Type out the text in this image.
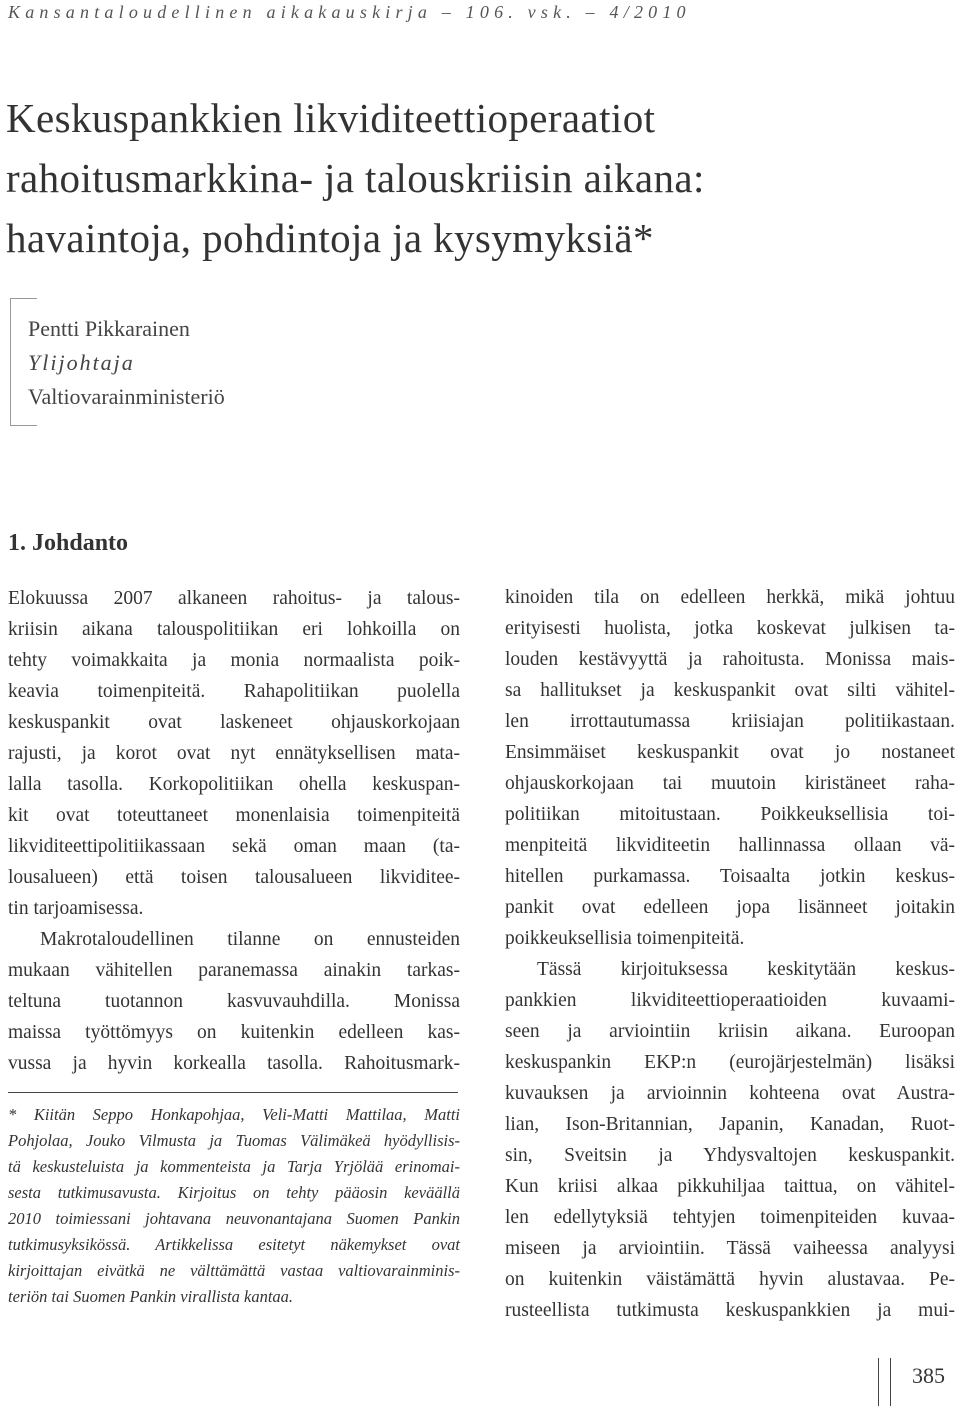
Kansantaloudellinen aikakauskirja – 106. vsk. – 4/2010
Keskuspankkien likviditeettioperaatiot
rahoitusmarkkina- ja talouskriisin aikana:
havaintoja, pohdintoja ja kysymyksiä*
Pentti Pikkarainen
Ylijohtaja
Valtiovarainministeriö
1. Johdanto
Elokuussa 2007 alkaneen rahoitus- ja talous-
kriisin aikana talouspolitiikan eri lohkoilla on
tehty voimakkaita ja monia normaalista poik-
keavia toimenpiteitä. Rahapolitiikan puolella
keskuspankit ovat laskeneet ohjauskorkojaan
rajusti, ja korot ovat nyt ennätyksellisen mata-
lalla tasolla. Korkopolitiikan ohella keskuspan-
kit ovat toteuttaneet monenlaisia toimenpiteitä
likviditeettipolitiikassaan sekä oman maan (ta-
lousalueen) että toisen talousalueen likviditee-
tin tarjoamisessa.
Makrotaloudellinen tilanne on ennusteiden
mukaan vähitellen paranemassa ainakin tarkas-
teltuna tuotannon kasvuvauhdilla. Monissa
maissa työttömyys on kuitenkin edelleen kas-
vussa ja hyvin korkealla tasolla. Rahoitusmark-
* Kiitän Seppo Honkapohjaa, Veli-Matti Mattilaa, Matti
Pohjolaa, Jouko Vilmusta ja Tuomas Välimäkeä hyödyllisis-
tä keskusteluista ja kommenteista ja Tarja Yrjölää erinomai-
sesta tutkimusavusta. Kirjoitus on tehty pääosin keväällä
2010 toimiessani johtavana neuvonantajana Suomen Pankin
tutkimusyksikössä. Artikkelissa esitetyt näkemykset ovat
kirjoittajan eivätkä ne välttämättä vastaa valtiovarainminis-
teriön tai Suomen Pankin virallista kantaa.
kinoiden tila on edelleen herkkä, mikä johtuu
erityisesti huolista, jotka koskevat julkisen ta-
louden kestävyyttä ja rahoitusta. Monissa mais-
sa hallitukset ja keskuspankit ovat silti vähitel-
len irrottautumassa kriisiajan politiikastaan.
Ensimmäiset keskuspankit ovat jo nostaneet
ohjauskorkojaan tai muutoin kiristäneet raha-
politiikan mitoitustaan. Poikkeuksellisia toi-
menpiteitä likviditeetin hallinnassa ollaan vä-
hitellen purkamassa. Toisaalta jotkin keskus-
pankit ovat edelleen jopa lisänneet joitakin
poikkeuksellisia toimenpiteitä.
Tässä kirjoituksessa keskitytään keskus-
pankkien likviditeettioperaatioiden kuvaami-
seen ja arviointiin kriisin aikana. Euroopan
keskuspankin EKP:n (eurojärjestelmän) lisäksi
kuvauksen ja arvioinnin kohteena ovat Austra-
lian, Ison-Britannian, Japanin, Kanadan, Ruot-
sin, Sveitsin ja Yhdysvaltojen keskuspankit.
Kun kriisi alkaa pikkuhiljaa taittua, on vähitel-
len edellytyksiä tehtyjen toimenpiteiden kuvaa-
miseen ja arviointiin. Tässä vaiheessa analyysi
on kuitenkin väistämättä hyvin alustavaa. Pe-
rusteellista tutkimusta keskuspankkien ja mui-
385
